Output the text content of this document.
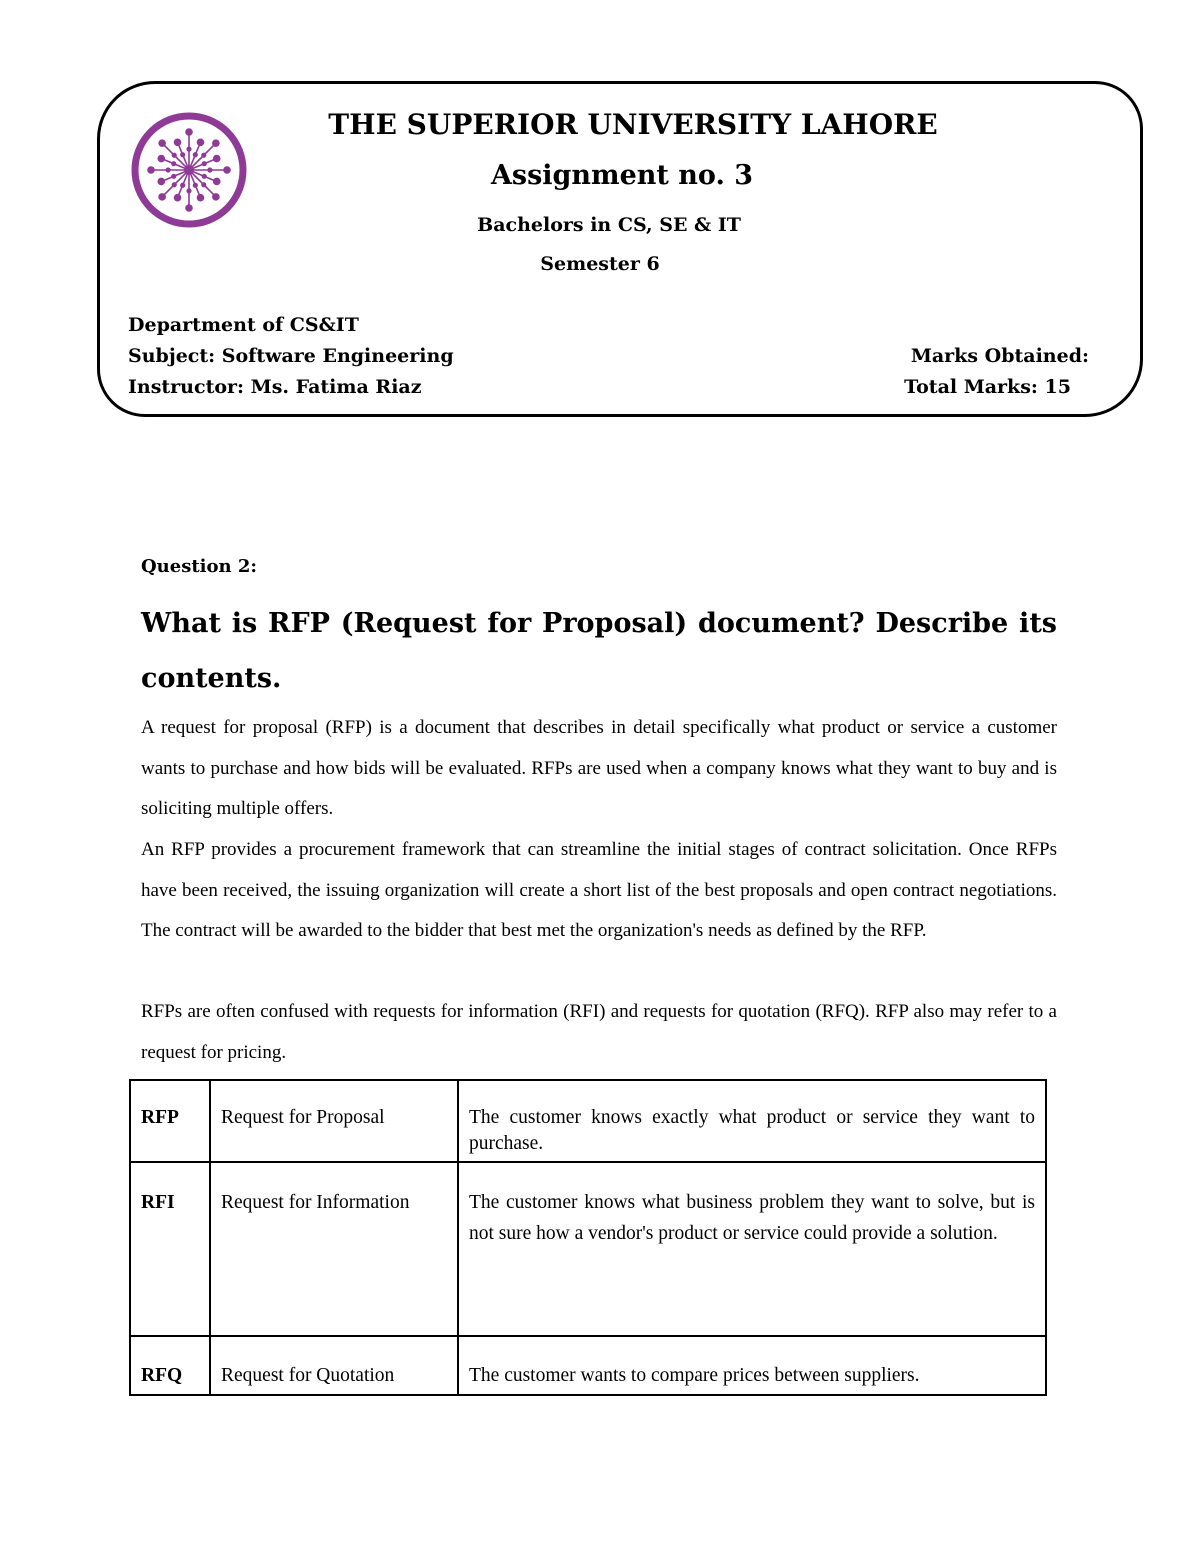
THE SUPERIOR UNIVERSITY LAHORE
Assignment no. 3
Bachelors in CS, SE & IT
Semester 6
Department of CS&IT
Subject: Software Engineering
Instructor: Ms. Fatima Riaz
Marks Obtained:
Total Marks: 15
Question 2:
What is RFP (Request for Proposal) document? Describe its contents.
A request for proposal (RFP) is a document that describes in detail specifically what product or service a customer wants to purchase and how bids will be evaluated. RFPs are used when a company knows what they want to buy and is soliciting multiple offers.
An RFP provides a procurement framework that can streamline the initial stages of contract solicitation. Once RFPs have been received, the issuing organization will create a short list of the best proposals and open contract negotiations. The contract will be awarded to the bidder that best met the organization's needs as defined by the RFP.
RFPs are often confused with requests for information (RFI) and requests for quotation (RFQ). RFP also may refer to a request for pricing.
RFP	Request for Proposal	The customer knows exactly what product or service they want to purchase.
RFI	Request for Information	The customer knows what business problem they want to solve, but is not sure how a vendor's product or service could provide a solution.
RFQ	Request for Quotation	The customer wants to compare prices between suppliers.
